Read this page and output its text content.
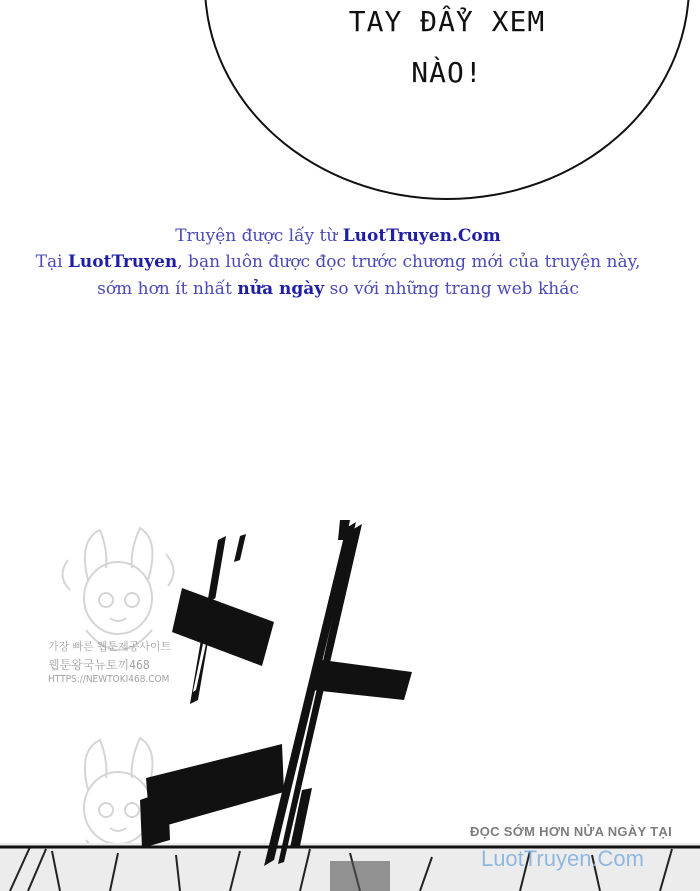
TAY ĐẨY XEM
NÀO!
Truyện được lấy từ LuotTruyen.Com
Tại LuotTruyen, bạn luôn được đọc trước chương mới của truyện này,
sớm hơn ít nhất nửa ngày so với những trang web khác
가장 빠른 웹툰제공사이트
웹툰왕국뉴토끼468
HTTPS://NEWTOKI468.COM
ĐỌC SỚM HƠN NỬA NGÀY TẠI
LuotTruyen.Com
